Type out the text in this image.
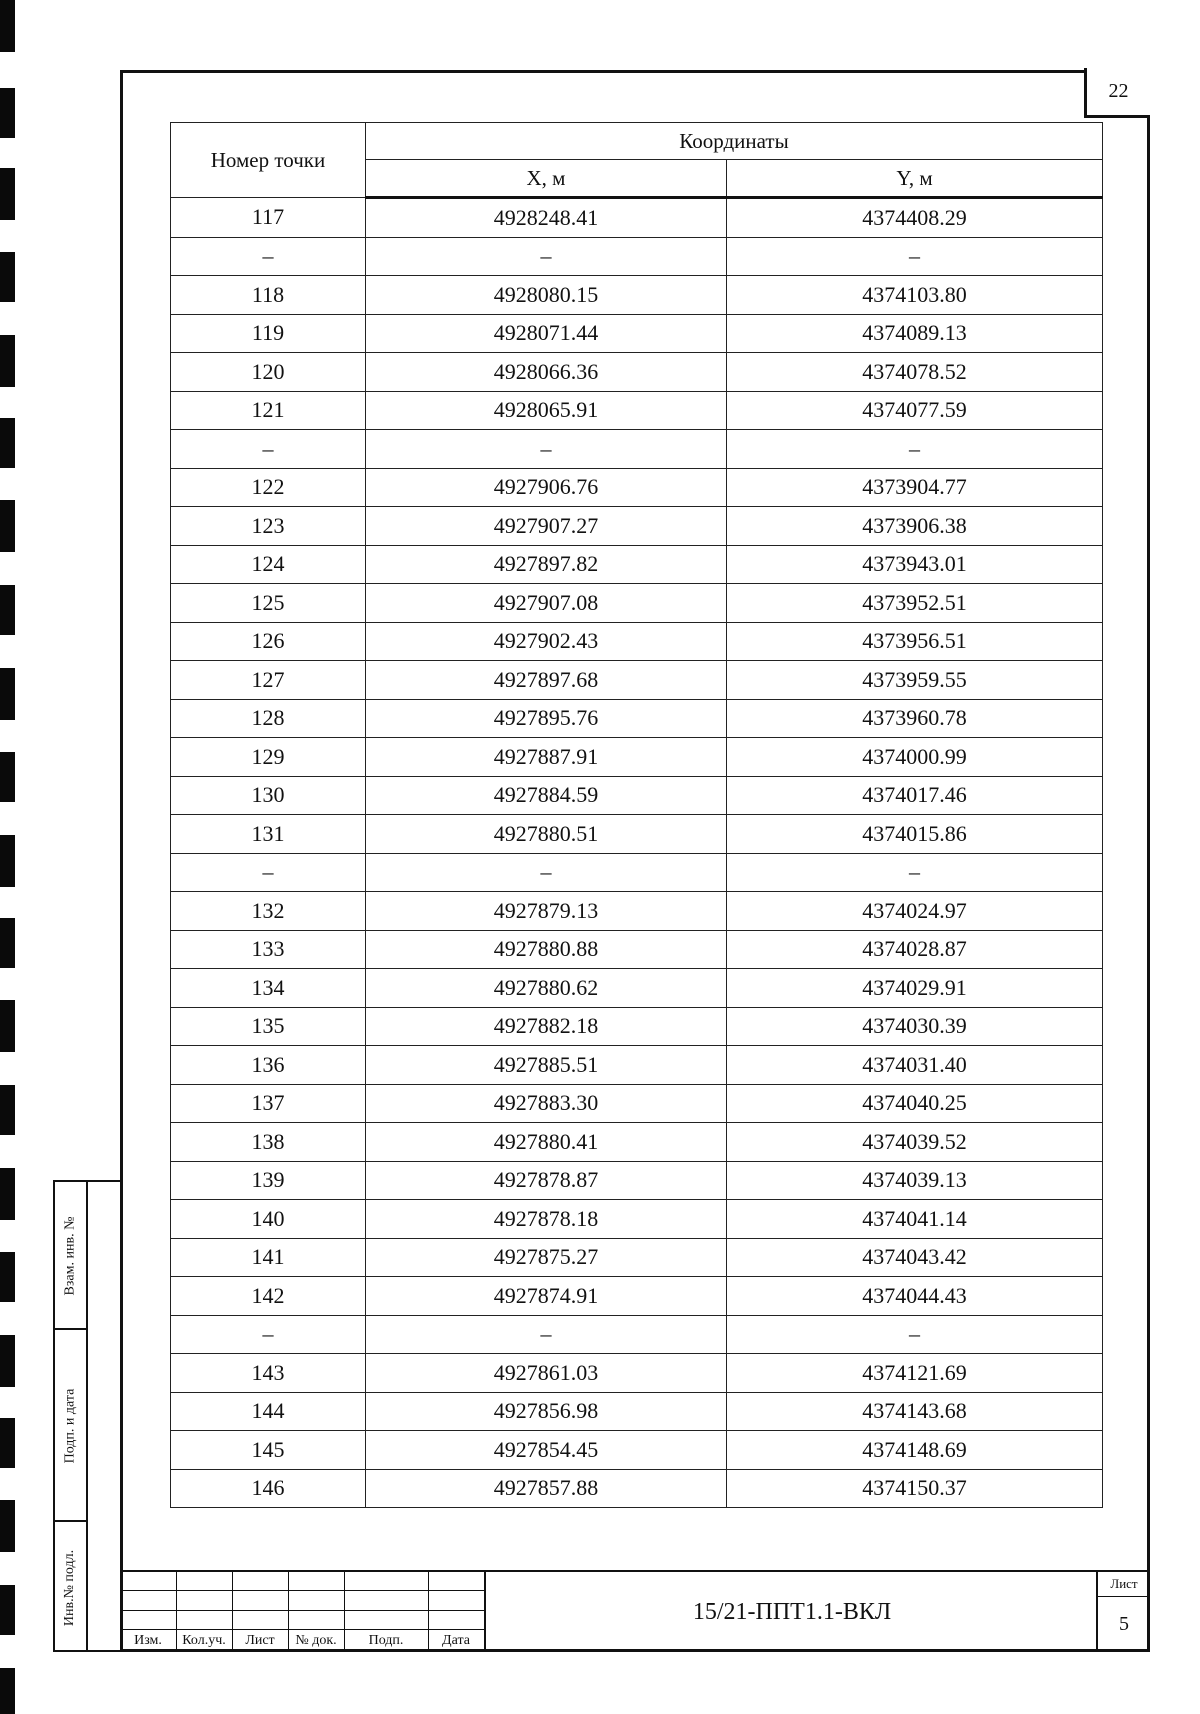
22
Номер точки	Координаты	
	X, м	Y, м
117	4928248.41	4374408.29
–	–	–
118	4928080.15	4374103.80
119	4928071.44	4374089.13
120	4928066.36	4374078.52
121	4928065.91	4374077.59
–	–	–
122	4927906.76	4373904.77
123	4927907.27	4373906.38
124	4927897.82	4373943.01
125	4927907.08	4373952.51
126	4927902.43	4373956.51
127	4927897.68	4373959.55
128	4927895.76	4373960.78
129	4927887.91	4374000.99
130	4927884.59	4374017.46
131	4927880.51	4374015.86
–	–	–
132	4927879.13	4374024.97
133	4927880.88	4374028.87
134	4927880.62	4374029.91
135	4927882.18	4374030.39
136	4927885.51	4374031.40
137	4927883.30	4374040.25
138	4927880.41	4374039.52
139	4927878.87	4374039.13
140	4927878.18	4374041.14
141	4927875.27	4374043.42
142	4927874.91	4374044.43
–	–	–
143	4927861.03	4374121.69
144	4927856.98	4374143.68
145	4927854.45	4374148.69
146	4927857.88	4374150.37
Взам. инв. №
Подп. и дата
Инв.№ подл.
Изм.	Кол.уч.	Лист	№ док.	Подп.	Дата
15/21-ППТ1.1-ВКЛ
Лист
5
